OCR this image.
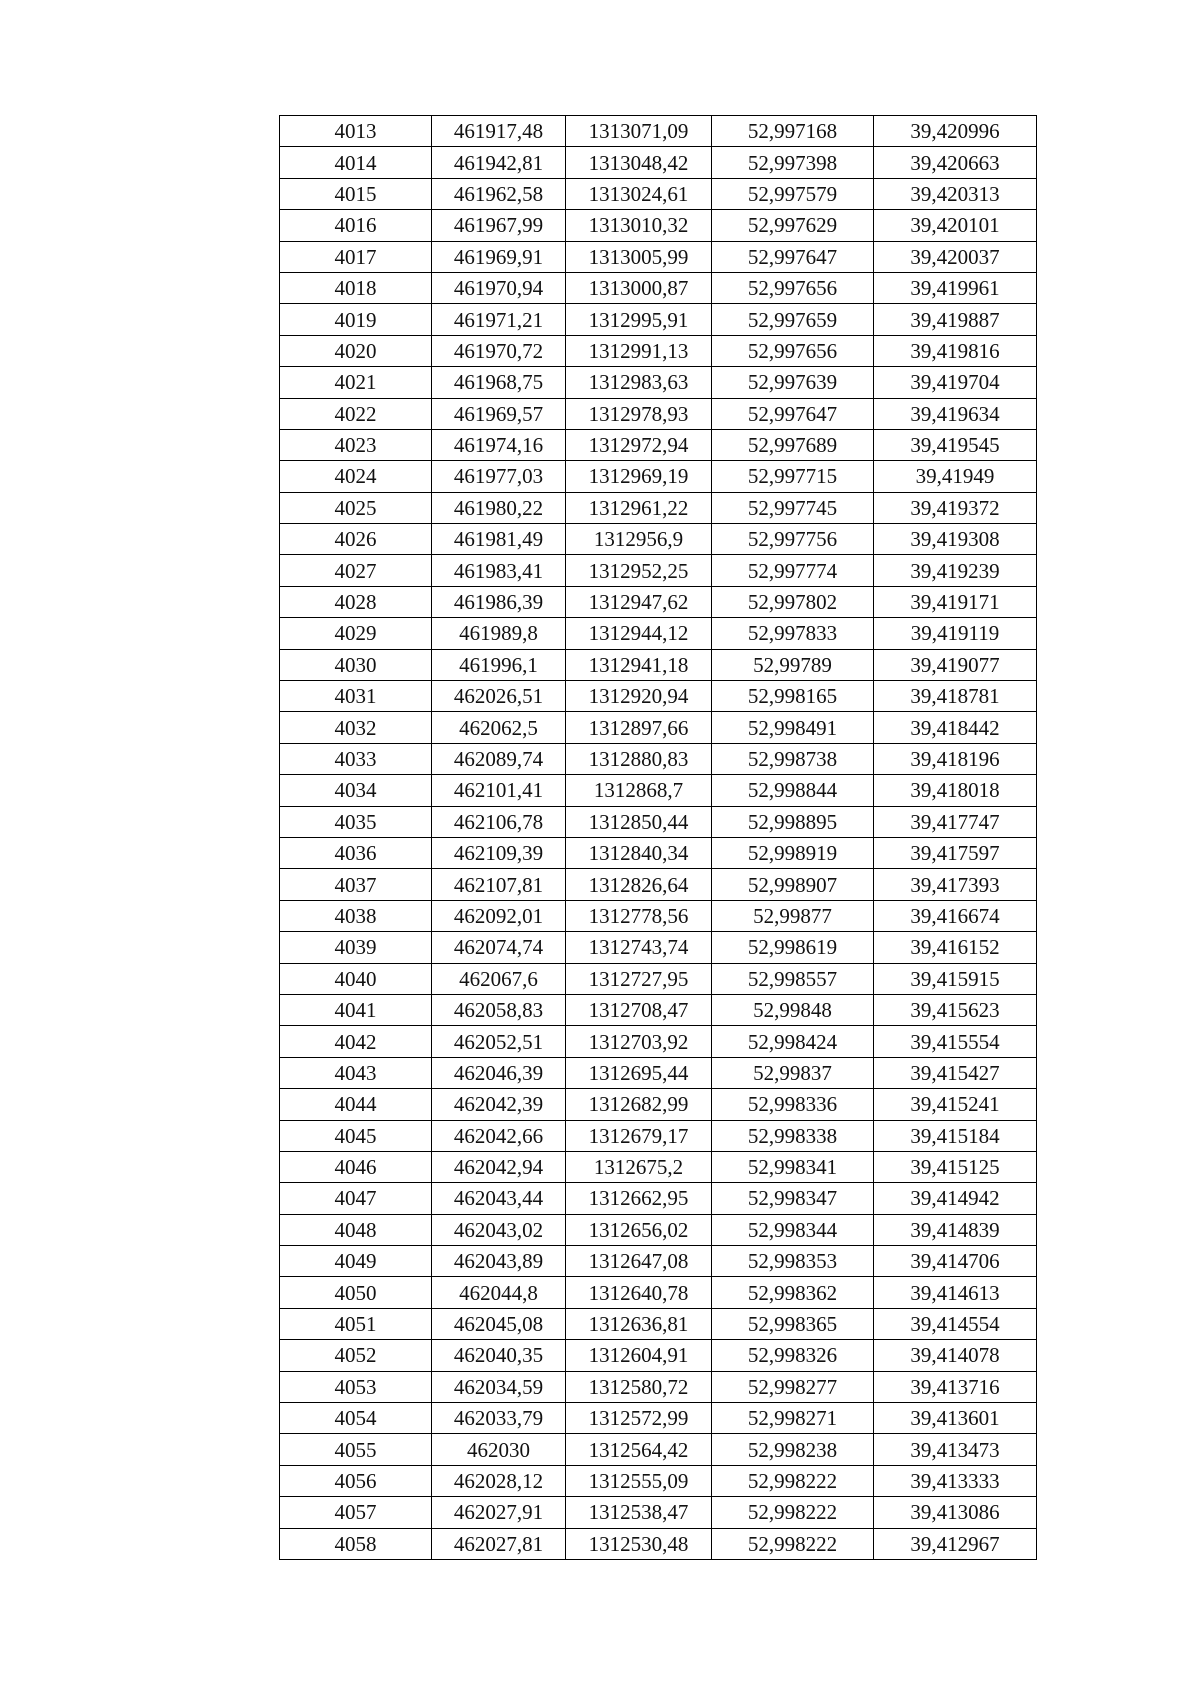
4013	461917,48	1313071,09	52,997168	39,420996
4014	461942,81	1313048,42	52,997398	39,420663
4015	461962,58	1313024,61	52,997579	39,420313
4016	461967,99	1313010,32	52,997629	39,420101
4017	461969,91	1313005,99	52,997647	39,420037
4018	461970,94	1313000,87	52,997656	39,419961
4019	461971,21	1312995,91	52,997659	39,419887
4020	461970,72	1312991,13	52,997656	39,419816
4021	461968,75	1312983,63	52,997639	39,419704
4022	461969,57	1312978,93	52,997647	39,419634
4023	461974,16	1312972,94	52,997689	39,419545
4024	461977,03	1312969,19	52,997715	39,41949
4025	461980,22	1312961,22	52,997745	39,419372
4026	461981,49	1312956,9	52,997756	39,419308
4027	461983,41	1312952,25	52,997774	39,419239
4028	461986,39	1312947,62	52,997802	39,419171
4029	461989,8	1312944,12	52,997833	39,419119
4030	461996,1	1312941,18	52,99789	39,419077
4031	462026,51	1312920,94	52,998165	39,418781
4032	462062,5	1312897,66	52,998491	39,418442
4033	462089,74	1312880,83	52,998738	39,418196
4034	462101,41	1312868,7	52,998844	39,418018
4035	462106,78	1312850,44	52,998895	39,417747
4036	462109,39	1312840,34	52,998919	39,417597
4037	462107,81	1312826,64	52,998907	39,417393
4038	462092,01	1312778,56	52,99877	39,416674
4039	462074,74	1312743,74	52,998619	39,416152
4040	462067,6	1312727,95	52,998557	39,415915
4041	462058,83	1312708,47	52,99848	39,415623
4042	462052,51	1312703,92	52,998424	39,415554
4043	462046,39	1312695,44	52,99837	39,415427
4044	462042,39	1312682,99	52,998336	39,415241
4045	462042,66	1312679,17	52,998338	39,415184
4046	462042,94	1312675,2	52,998341	39,415125
4047	462043,44	1312662,95	52,998347	39,414942
4048	462043,02	1312656,02	52,998344	39,414839
4049	462043,89	1312647,08	52,998353	39,414706
4050	462044,8	1312640,78	52,998362	39,414613
4051	462045,08	1312636,81	52,998365	39,414554
4052	462040,35	1312604,91	52,998326	39,414078
4053	462034,59	1312580,72	52,998277	39,413716
4054	462033,79	1312572,99	52,998271	39,413601
4055	462030	1312564,42	52,998238	39,413473
4056	462028,12	1312555,09	52,998222	39,413333
4057	462027,91	1312538,47	52,998222	39,413086
4058	462027,81	1312530,48	52,998222	39,412967
